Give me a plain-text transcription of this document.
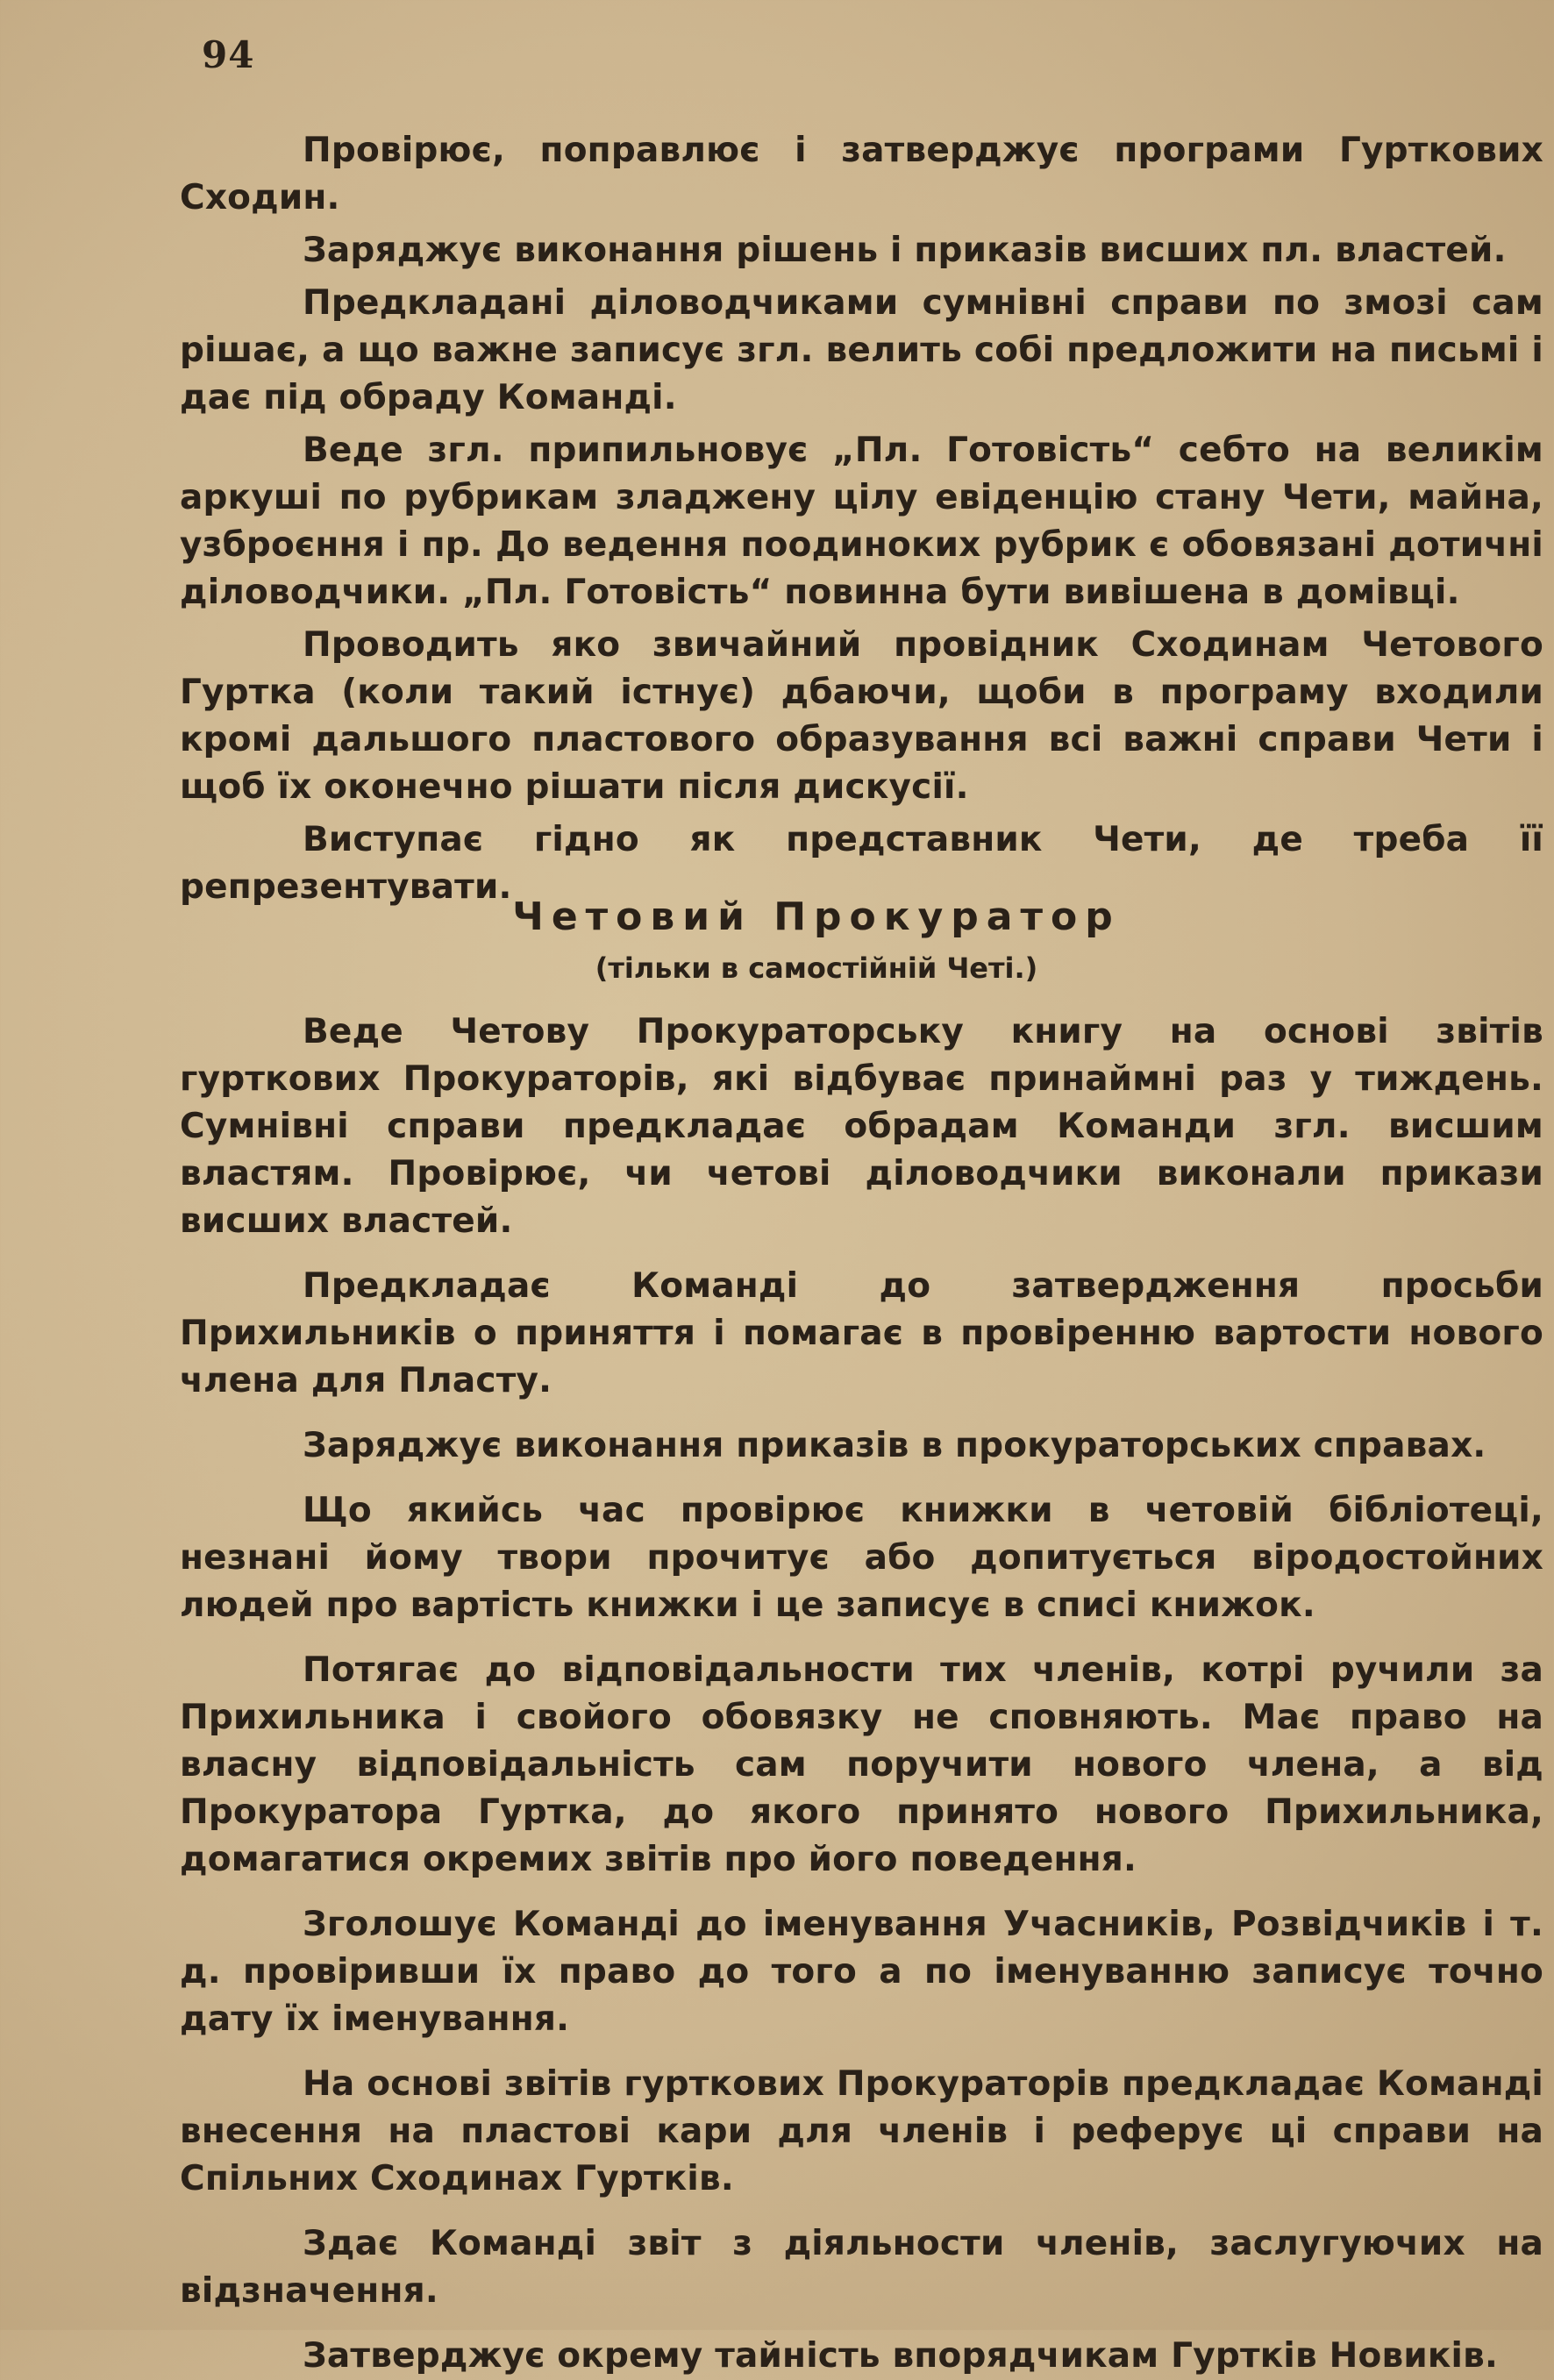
94

Провірює, поправлює і затверджує програми Гурткових Сходин.

Заряджує виконання рішень і приказів висших пл. властей.

Предкладані діловодчиками сумнівні справи по змозі сам рішає, а що важне записує згл. велить собі предложити на письмі і дає під обраду Команді.

Веде згл. припильновує „Пл. Готовість“ себто на великім аркуші по рубрикам зладжену цілу евіденцію стану Чети, майна, узброєння і пр. До ведення поодиноких рубрик є обовязані дотичні діловодчики. „Пл. Готовість“ повинна бути вивішена в домівці.

Проводить яко звичайний провідник Сходинам Четового Гуртка (коли такий істнує) дбаючи, щоби в програму входили кромі дальшого пластового образування всі важні справи Чети і щоб їх оконечно рішати після дискусії.

Виступає гідно як представник Чети, де треба її репрезентувати.

Четовий Прокуратор
(тільки в самостійній Четі.)

Веде Четову Прокураторську книгу на основі звітів гурткових Прокураторів, які відбуває принаймні раз у тиждень. Сумнівні справи предкладає обрадам Команди згл. висшим властям. Провірює, чи четові діловодчики виконали прикази висших властей.

Предкладає Команді до затвердження просьби Прихильників о приняття і помагає в провіренню вартости нового члена для Пласту.

Заряджує виконання приказів в прокураторських справах.

Що якийсь час провірює книжки в четовій бібліотеці, незнані йому твори прочитує або допитується віродостойних людей про вартість книжки і це записує в списі книжок.

Потягає до відповідальности тих членів, котрі ручили за Прихильника і свойого обовязку не сповняють. Має право на власну відповідальність сам поручити нового члена, а від Прокуратора Гуртка, до якого принято нового Прихильника, домагатися окремих звітів про його поведення.

Зголошує Команді до іменування Учасників, Розвідчиків і т. д. провіривши їх право до того а по іменуванню записує точно дату їх іменування.

На основі звітів гурткових Прокураторів предкладає Команді внесення на пластові кари для членів і реферує ці справи на Спільних Сходинах Гуртків.

Здає Команді звіт з діяльности членів, заслугуючих на відзначення.

Затверджує окрему тайність впорядчикам Гуртків Новиків.
